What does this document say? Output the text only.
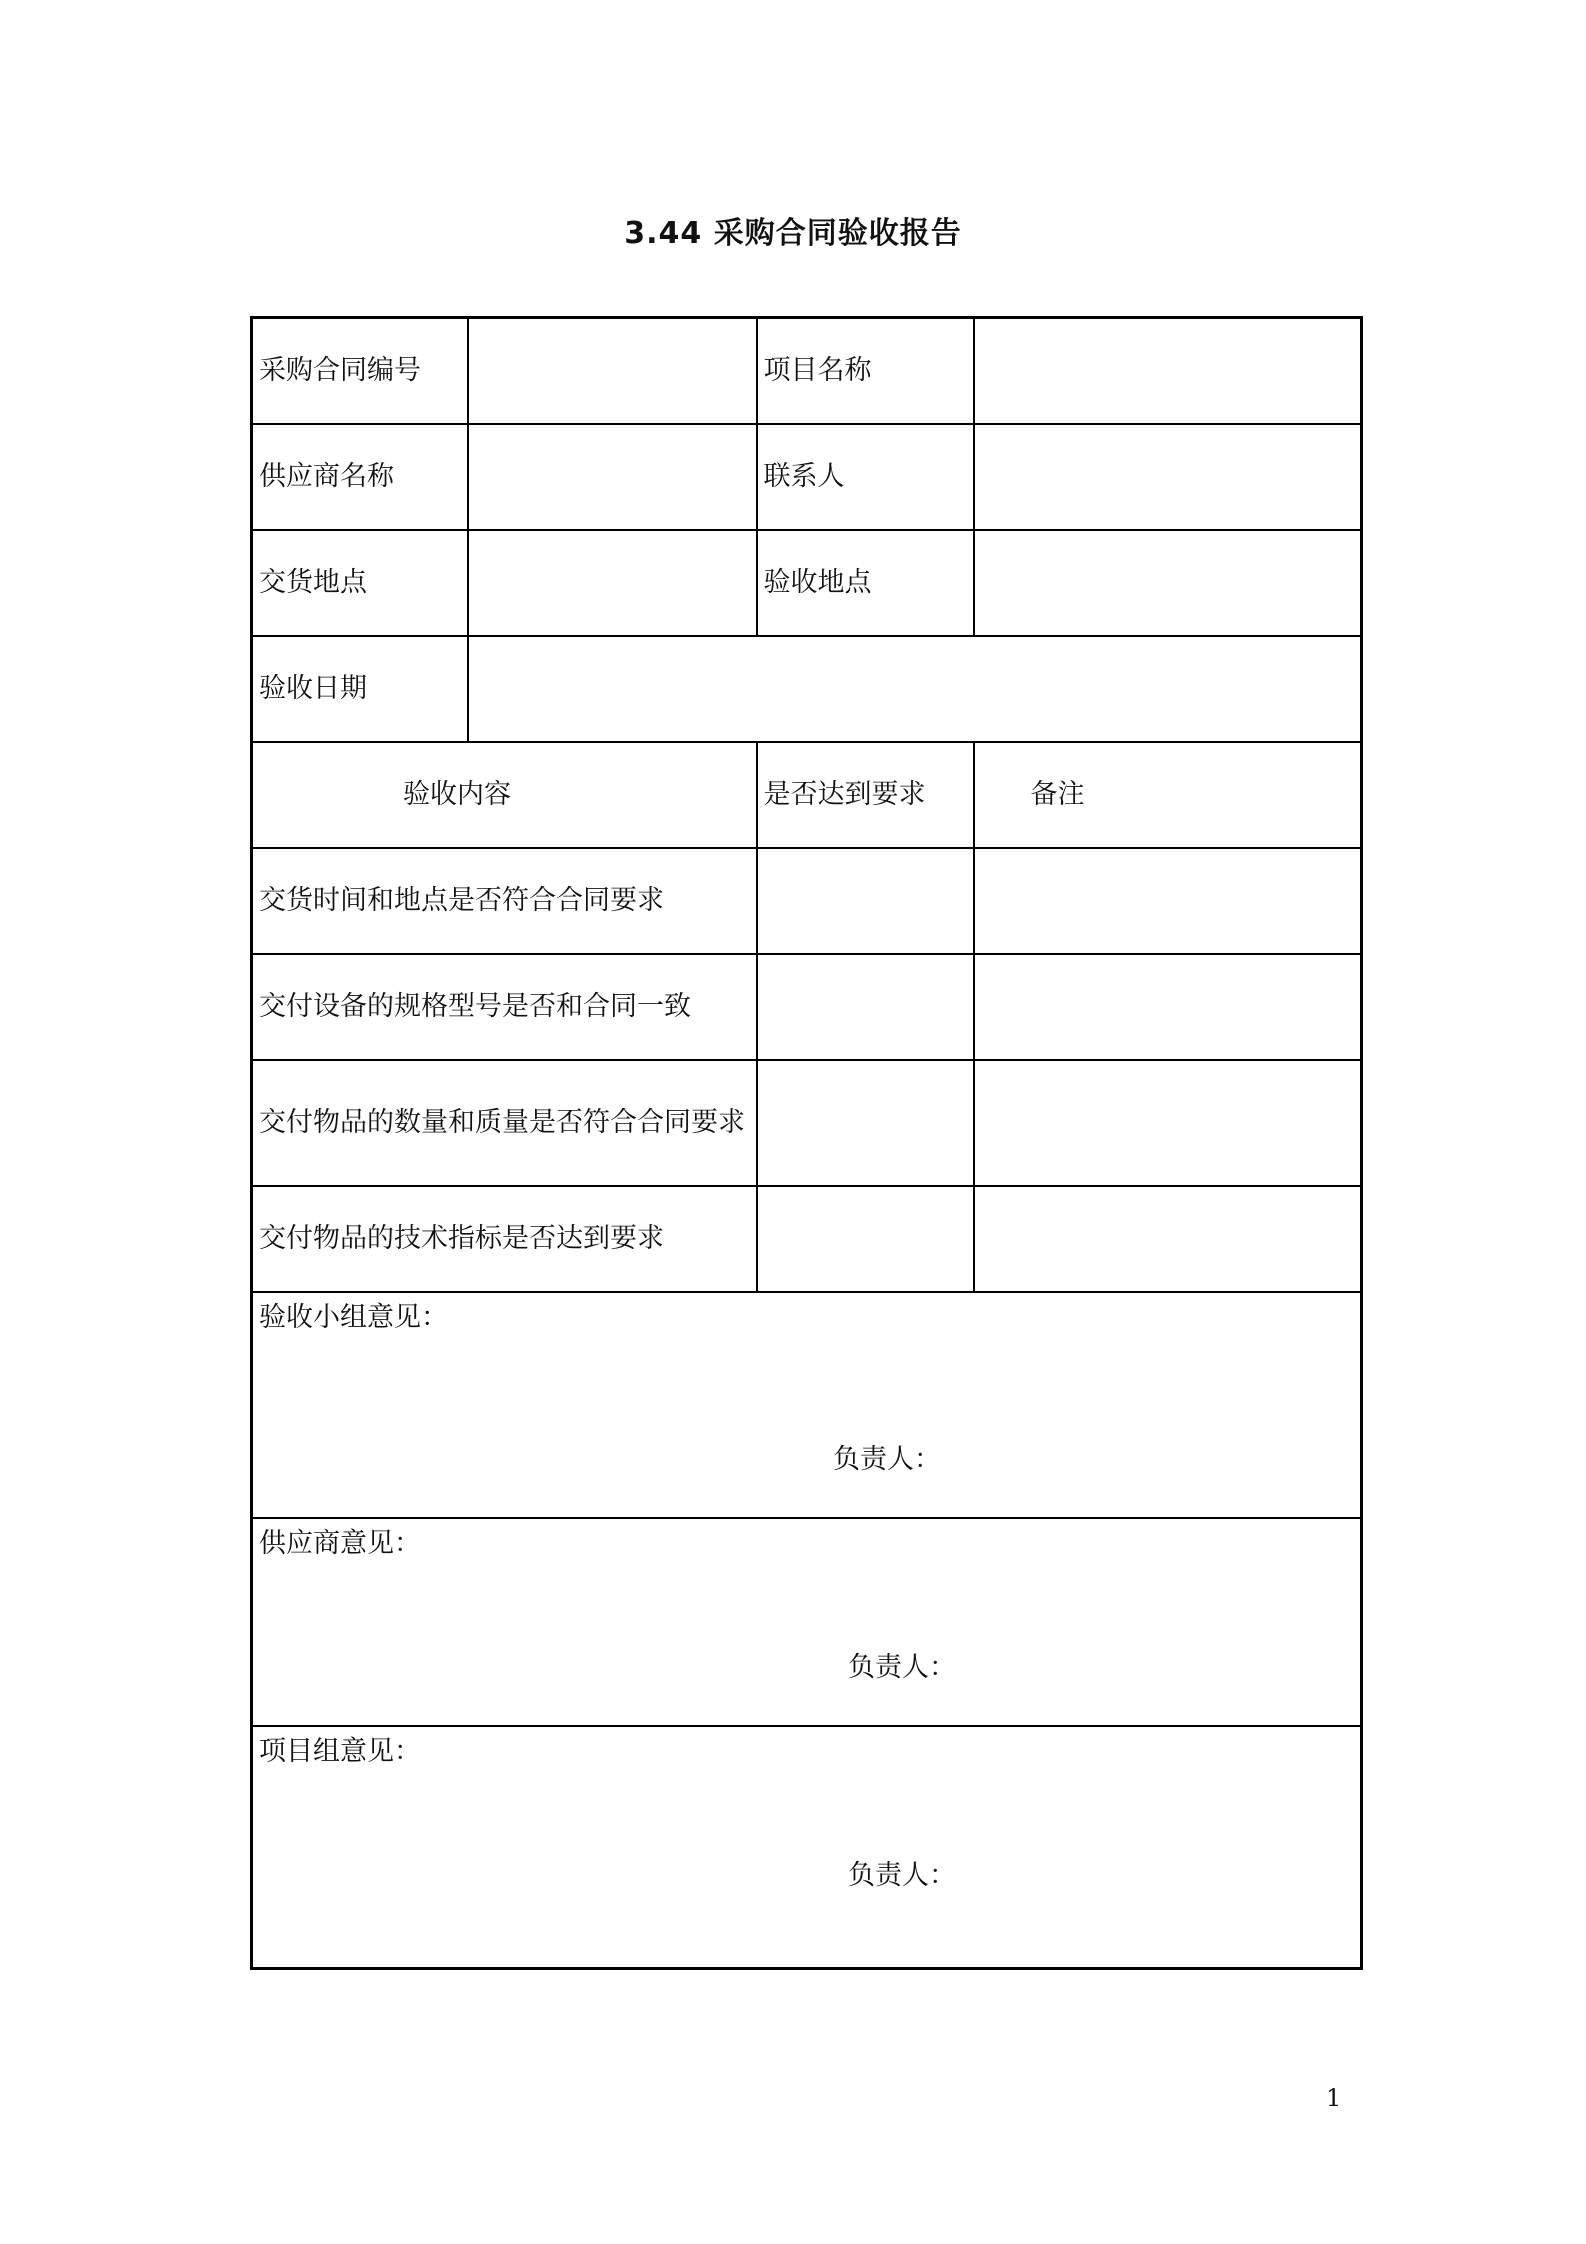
3.44 采购合同验收报告
采购合同编号		项目名称	
供应商名称		联系人	
交货地点		验收地点	
验收日期			
验收内容		是否达到要求	备注
交货时间和地点是否符合合同要求			
交付设备的规格型号是否和合同一致			
交付物品的数量和质量是否符合合同要求			
交付物品的技术指标是否达到要求			

验收小组意见：
负责人：			

供应商意见：
负责人：			

项目组意见：
负责人：			
1
